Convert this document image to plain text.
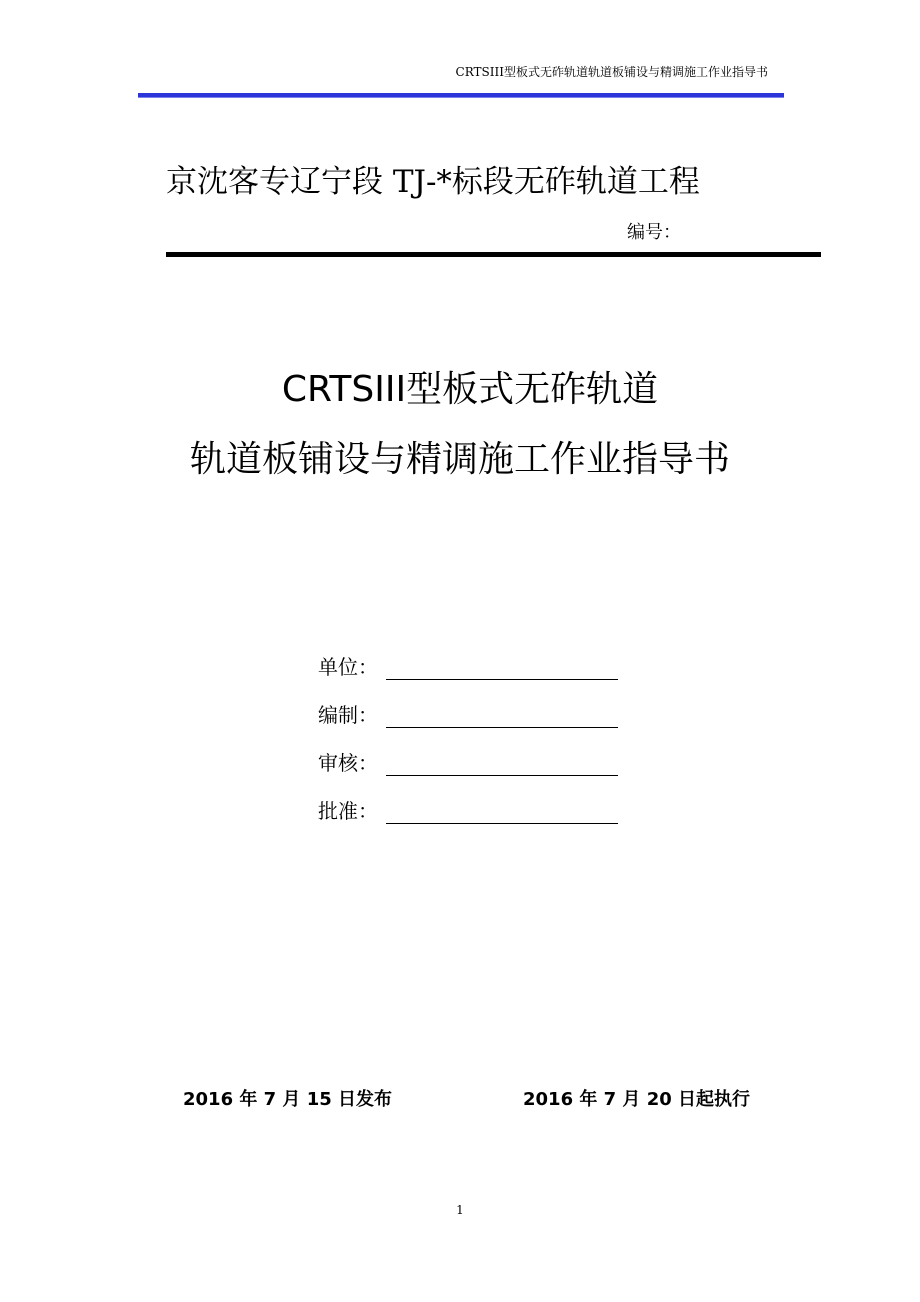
CRTSIII型板式无砟轨道轨道板铺设与精调施工作业指导书
京沈客专辽宁段 TJ-*标段无砟轨道工程
编号：
CRTSIII型板式无砟轨道
轨道板铺设与精调施工作业指导书
单位：
编制：
审核：
批准：
2016 年 7 月 15 日发布	2016 年 7 月 20 日起执行
1
